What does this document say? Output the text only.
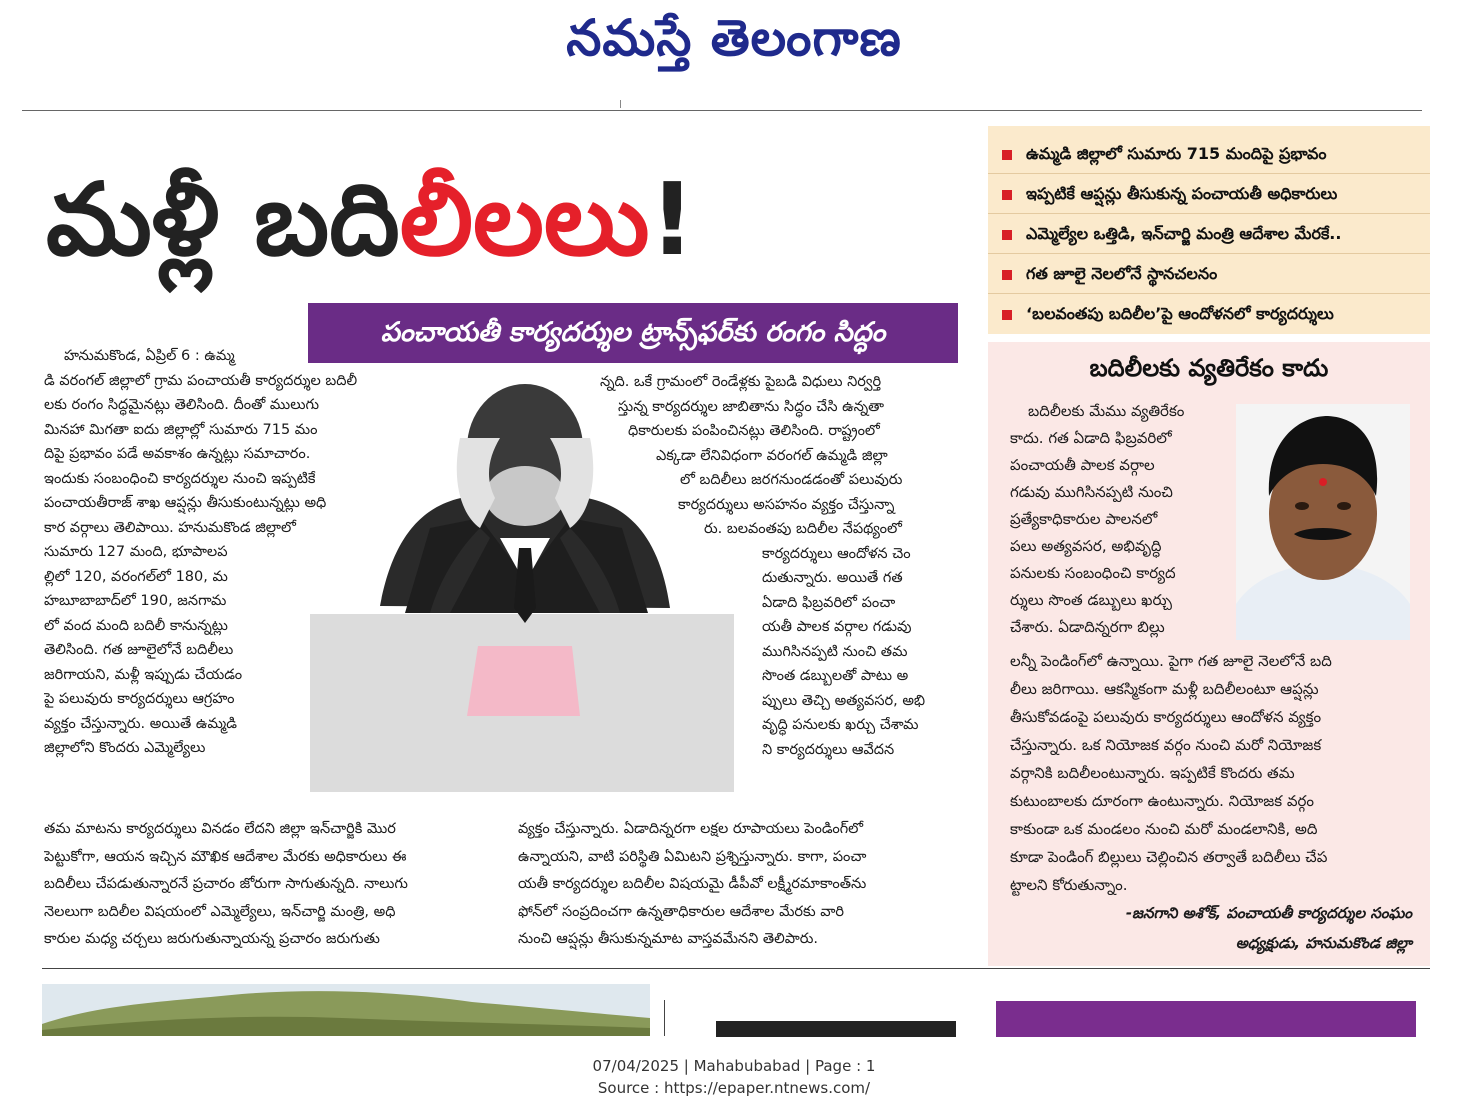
నమస్తే తెలంగాణ
మళ్లీ బదిలీలలు!
పంచాయతీ కార్యదర్శుల ట్రాన్స్‌ఫర్‌కు రంగం సిద్ధం
ఉమ్మడి జిల్లాలో సుమారు 715 మందిపై ప్రభావం
ఇప్పటికే ఆప్షన్లు తీసుకున్న పంచాయతీ అధికారులు
ఎమ్మెల్యేల ఒత్తిడి, ఇన్‌చార్జి మంత్రి ఆదేశాల మేరకే..
గత జూలై నెలలోనే స్థానచలనం
‘బలవంతపు బదిలీల’పై ఆందోళనలో కార్యదర్శులు
హనుమకొండ, ఏప్రిల్ 6 : ఉమ్మ
డి వరంగల్ జిల్లాలో గ్రామ పంచాయతీ కార్యదర్శుల బదిలీ
లకు రంగం సిద్ధమైనట్లు తెలిసింది. దీంతో ములుగు
మినహా మిగతా ఐదు జిల్లాల్లో సుమారు 715 మం
దిపై ప్రభావం పడే అవకాశం ఉన్నట్లు సమాచారం.
ఇందుకు సంబంధించి కార్యదర్శుల నుంచి ఇప్పటికే
పంచాయతీరాజ్ శాఖ ఆప్షన్లు తీసుకుంటున్నట్లు అధి
కార వర్గాలు తెలిపాయి. హనుమకొండ జిల్లాలో
సుమారు 127 మంది, భూపాలప
ల్లిలో 120, వరంగల్‌లో 180, మ
హబూబాబాద్‌లో 190, జనగామ
లో వంద మంది బదిలీ కానున్నట్లు
తెలిసింది. గత జూలైలోనే బదిలీలు
జరిగాయని, మళ్లీ ఇప్పుడు చేయడం
పై పలువురు కార్యదర్శులు ఆగ్రహం
వ్యక్తం చేస్తున్నారు. అయితే ఉమ్మడి
జిల్లాలోని కొందరు ఎమ్మెల్యేలు
న్నది. ఒకే గ్రామంలో రెండేళ్లకు పైబడి విధులు నిర్వర్తి
స్తున్న కార్యదర్శుల జాబితాను సిద్ధం చేసి ఉన్నతా
ధికారులకు పంపించినట్లు తెలిసింది. రాష్ట్రంలో
ఎక్కడా లేనివిధంగా వరంగల్ ఉమ్మడి జిల్లా
లో బదిలీలు జరగనుండడంతో పలువురు
కార్యదర్శులు అసహనం వ్యక్తం చేస్తున్నా
రు. బలవంతపు బదిలీల నేపథ్యంలో
కార్యదర్శులు ఆందోళన చెం
దుతున్నారు. అయితే గత
ఏడాది ఫిబ్రవరిలో పంచా
యతీ పాలక వర్గాల గడువు
ముగిసినప్పటి నుంచి తమ
సొంత డబ్బులతో పాటు అ
ప్పులు తెచ్చి అత్యవసర, అభి
వృద్ధి పనులకు ఖర్చు చేశామ
ని కార్యదర్శులు ఆవేదన
తమ మాటను కార్యదర్శులు వినడం లేదని జిల్లా ఇన్‌చార్జికి మొర
పెట్టుకోగా, ఆయన ఇచ్చిన మౌఖిక ఆదేశాల మేరకు అధికారులు ఈ
బదిలీలు చేపడుతున్నారనే ప్రచారం జోరుగా సాగుతున్నది. నాలుగు
నెలలుగా బదిలీల విషయంలో ఎమ్మెల్యేలు, ఇన్‌చార్జి మంత్రి, అధి
కారుల మధ్య చర్చలు జరుగుతున్నాయన్న ప్రచారం జరుగుతు
వ్యక్తం చేస్తున్నారు. ఏడాదిన్నరగా లక్షల రూపాయలు పెండింగ్‌లో
ఉన్నాయని, వాటి పరిస్థితి ఏమిటని ప్రశ్నిస్తున్నారు. కాగా, పంచా
యతీ కార్యదర్శుల బదిలీల విషయమై డీపీవో లక్ష్మీరమాకాంత్‌ను
ఫోన్‌లో సంప్రదించగా ఉన్నతాధికారుల ఆదేశాల మేరకు వారి
నుంచి ఆప్షన్లు తీసుకున్నమాట వాస్తవమేనని తెలిపారు.
బదిలీలకు వ్యతిరేకం కాదు
బదిలీలకు మేము వ్యతిరేకం
కాదు. గత ఏడాది ఫిబ్రవరిలో
పంచాయతీ పాలక వర్గాల
గడువు ముగిసినప్పటి నుంచి
ప్రత్యేకాధికారుల పాలనలో
పలు అత్యవసర, అభివృద్ధి
పనులకు సంబంధించి కార్యద
ర్శులు సొంత డబ్బులు ఖర్చు
చేశారు. ఏడాదిన్నరగా బిల్లు
లన్నీ పెండింగ్‌లో ఉన్నాయి. పైగా గత జూలై నెలలోనే బది
లీలు జరిగాయి. ఆకస్మికంగా మళ్లీ బదిలీలంటూ ఆప్షన్లు
తీసుకోవడంపై పలువురు కార్యదర్శులు ఆందోళన వ్యక్తం
చేస్తున్నారు. ఒక నియోజక వర్గం నుంచి మరో నియోజక
వర్గానికి బదిలీలంటున్నారు. ఇప్పటికే కొందరు తమ
కుటుంబాలకు దూరంగా ఉంటున్నారు. నియోజక వర్గం
కాకుండా ఒక మండలం నుంచి మరో మండలానికి, అది
కూడా పెండింగ్ బిల్లులు చెల్లించిన తర్వాతే బదిలీలు చేప
ట్టాలని కోరుతున్నాం.
-జనగాని అశోక్, పంచాయతీ కార్యదర్శుల సంఘం
అధ్యక్షుడు, హనుమకొండ జిల్లా
07/04/2025 | Mahabubabad | Page : 1
Source : https://epaper.ntnews.com/
